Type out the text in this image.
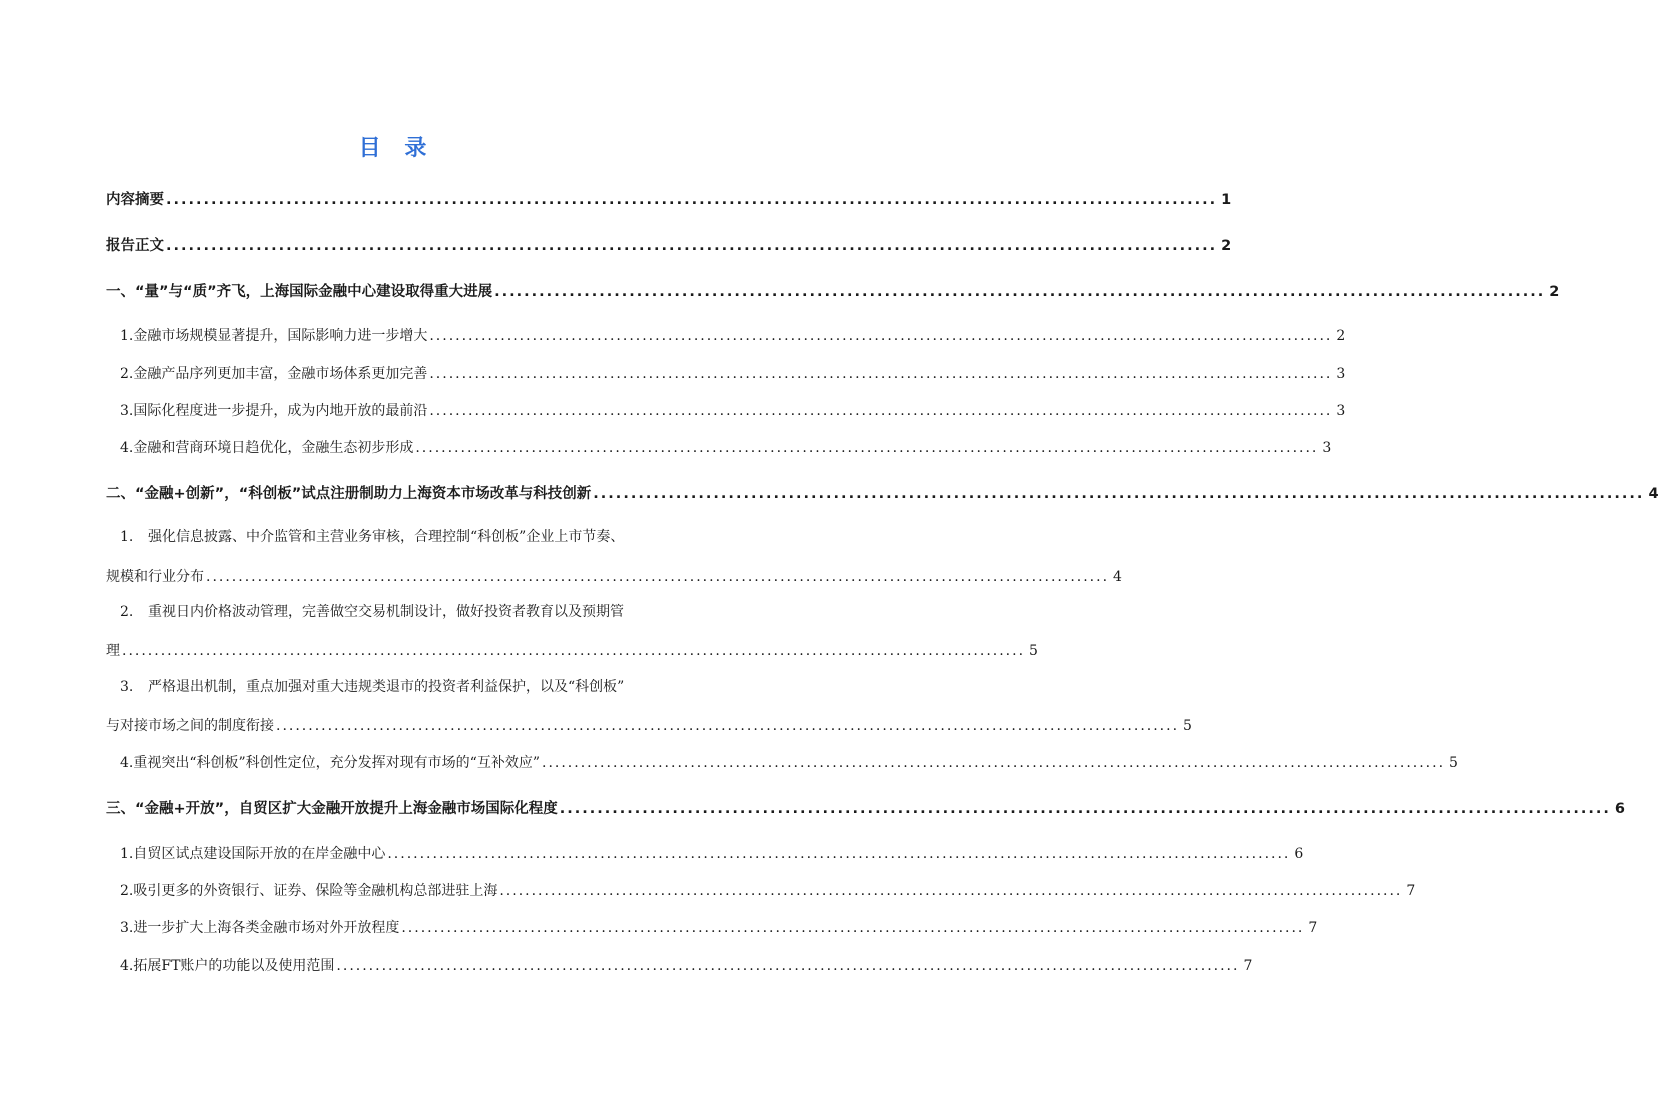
目 录
内容摘要 ............................................................................................................................................ 1
报告正文 ............................................................................................................................................ 2
一、“量”与“质”齐飞，上海国际金融中心建设取得重大进展 ............................................................................................................................................ 2
1. 金融市场规模显著提升，国际影响力进一步增大 ............................................................................................................................................ 2
2. 金融产品序列更加丰富，金融市场体系更加完善 ............................................................................................................................................ 3
3. 国际化程度进一步提升，成为内地开放的最前沿 ............................................................................................................................................ 3
4. 金融和营商环境日趋优化，金融生态初步形成 ............................................................................................................................................ 3
二、“金融+创新”，“科创板”试点注册制助力上海资本市场改革与科技创新 ............................................................................................................................................ 4
1. 强化信息披露、中介监管和主营业务审核，合理控制“科创板”企业上市节奏、
规模和行业分布 ............................................................................................................................................ 4
2. 重视日内价格波动管理，完善做空交易机制设计，做好投资者教育以及预期管
理 ............................................................................................................................................ 5
3. 严格退出机制，重点加强对重大违规类退市的投资者利益保护，以及“科创板”
与对接市场之间的制度衔接 ............................................................................................................................................ 5
4. 重视突出“科创板”科创性定位，充分发挥对现有市场的“互补效应” ............................................................................................................................................ 5
三、“金融+开放”，自贸区扩大金融开放提升上海金融市场国际化程度 ............................................................................................................................................ 6
1. 自贸区试点建设国际开放的在岸金融中心 ............................................................................................................................................ 6
2. 吸引更多的外资银行、证券、保险等金融机构总部进驻上海 ............................................................................................................................................ 7
3. 进一步扩大上海各类金融市场对外开放程度 ............................................................................................................................................ 7
4. 拓展FT账户的功能以及使用范围 ............................................................................................................................................ 7
